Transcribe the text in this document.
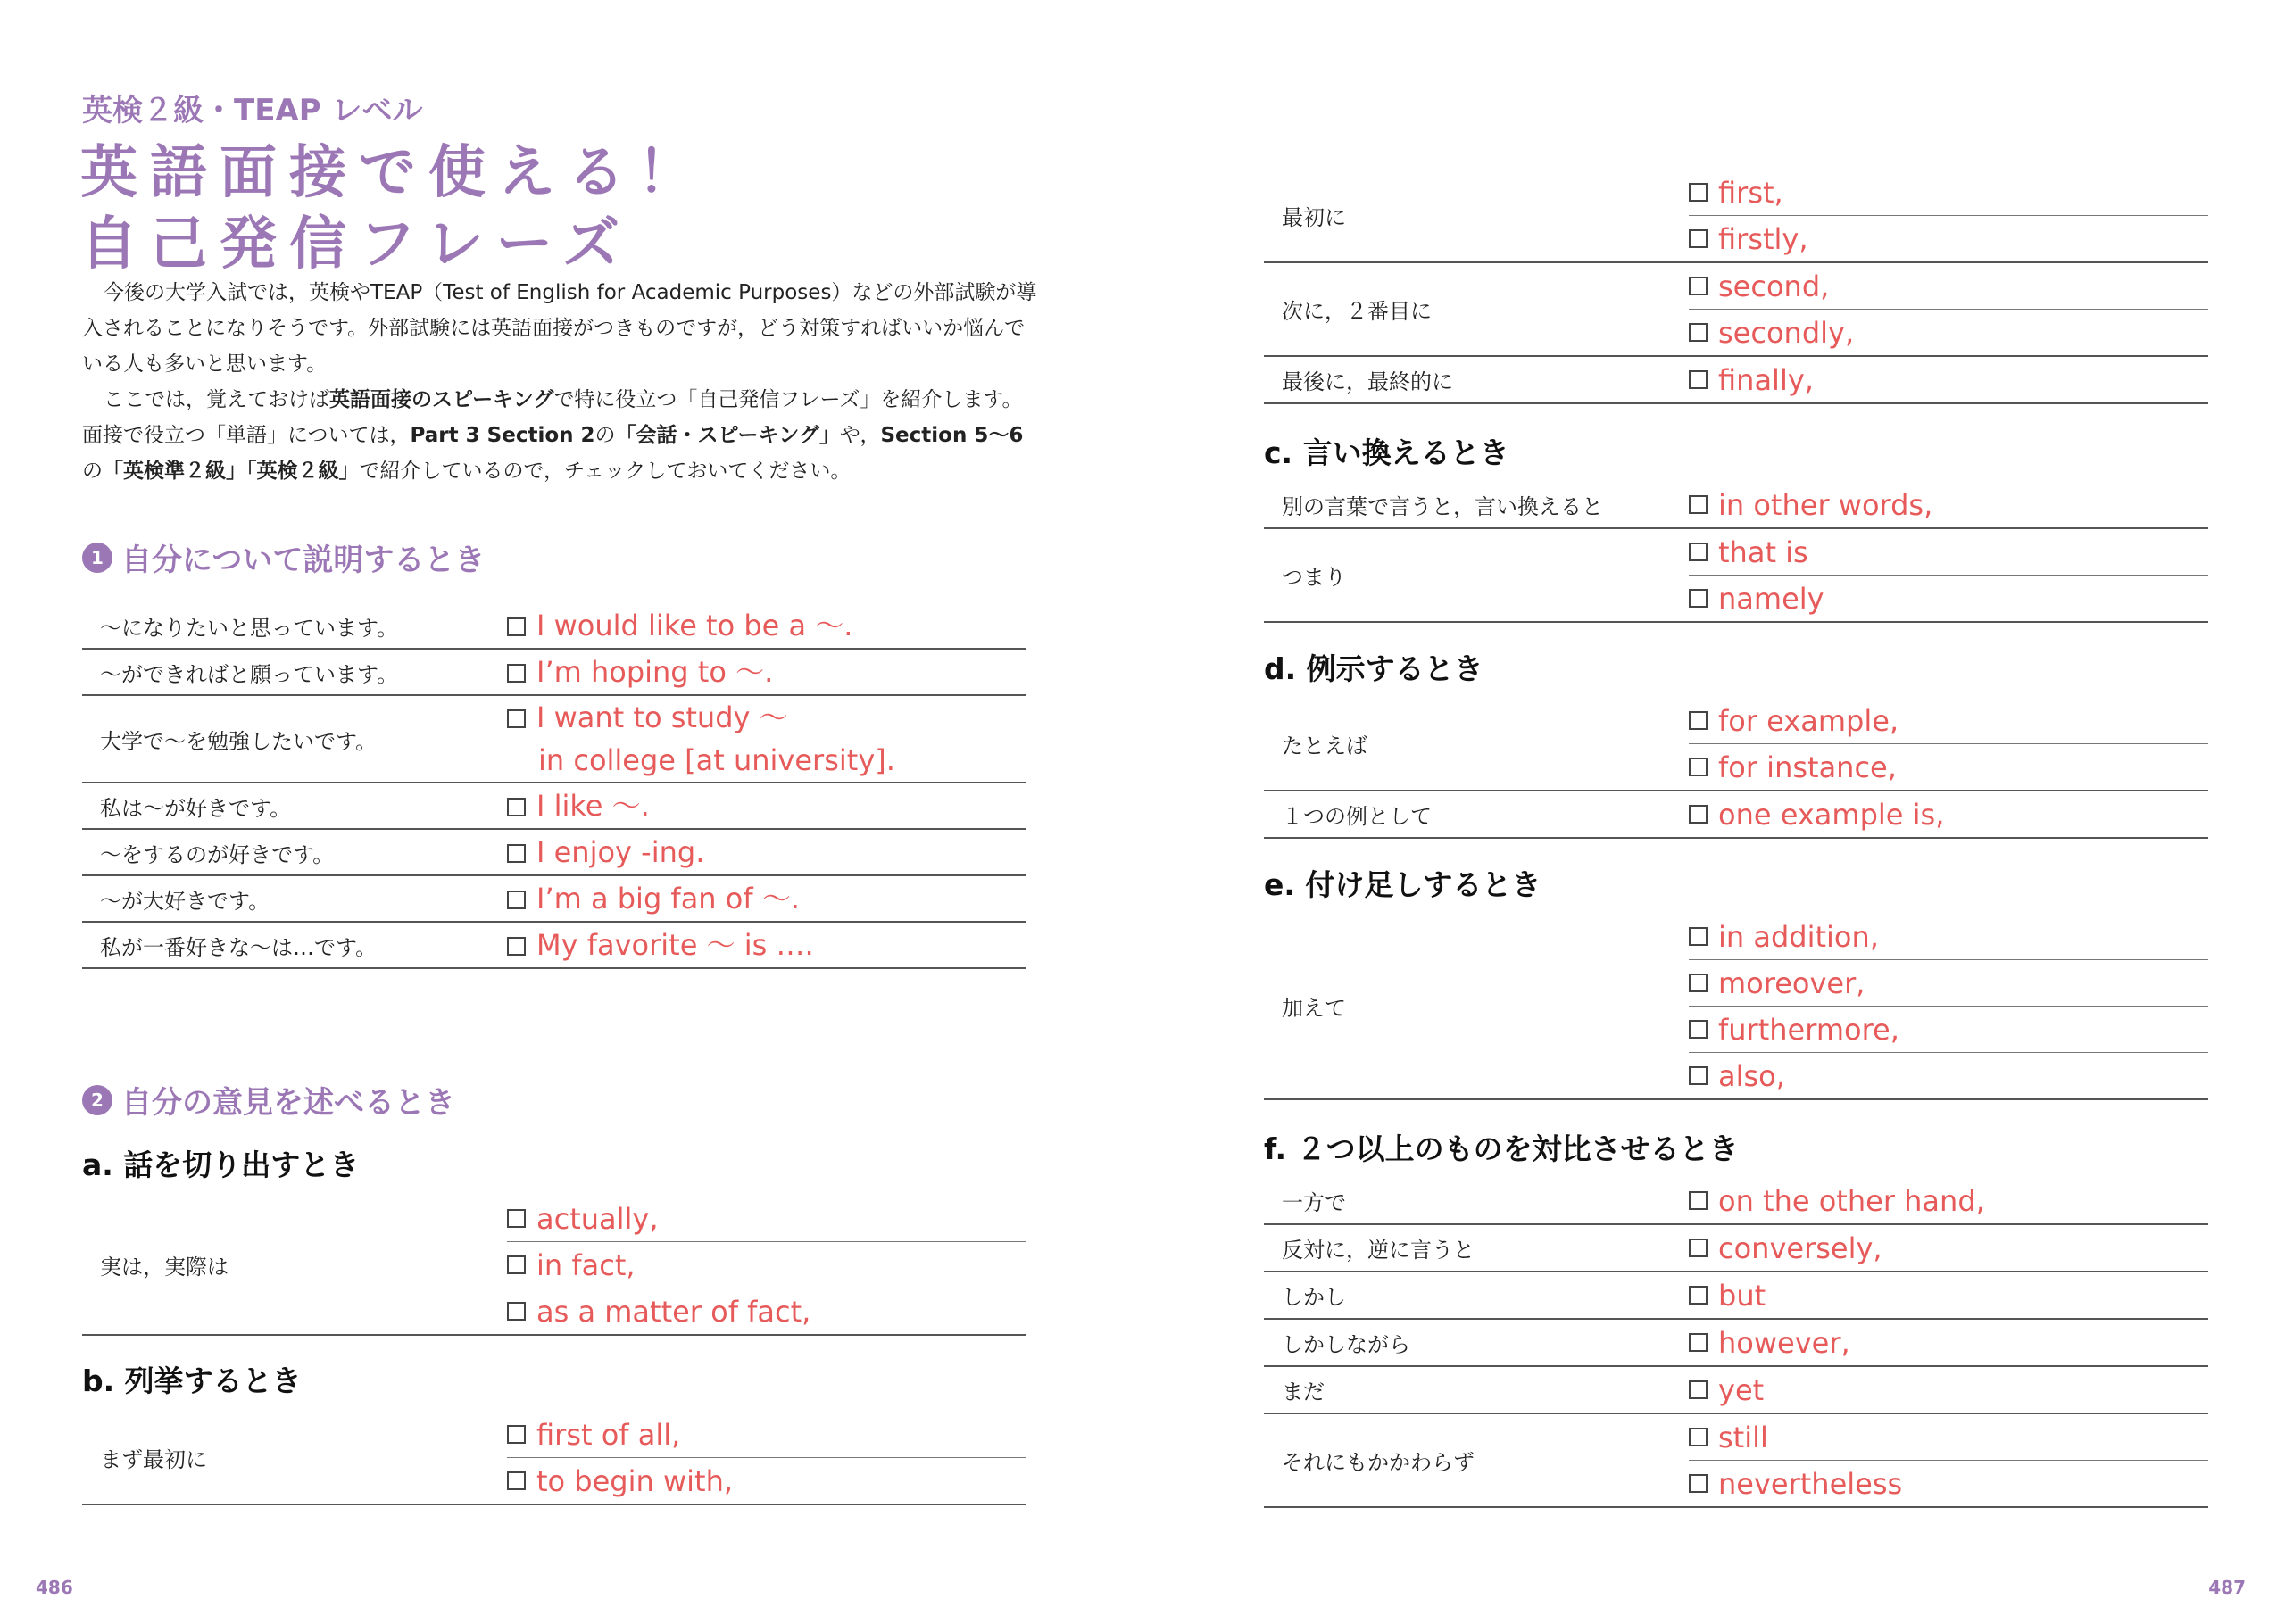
英検２級・TEAP レベル
英語面接で使える！
自己発信フレーズ

今後の大学入試では，英検やTEAP（Test of English for Academic Purposes）などの外部試験が導入されることになりそうです。外部試験には英語面接がつきものですが，どう対策すればいいか悩んでいる人も多いと思います。

ここでは，覚えておけば英語面接のスピーキングで特に役立つ「自己発信フレーズ」を紹介します。面接で役立つ「単語」については，Part 3 Section 2の「会話・スピーキング」や，Section 5〜6の「英検準２級」「英検２級」で紹介しているので，チェックしておいてください。

1 自分について説明するとき
〜になりたいと思っています。	I would like to be a 〜.
〜ができればと願っています。	I’m hoping to 〜.
大学で〜を勉強したいです。	I want to study 〜
in college [at university].

私は〜が好きです。	I like 〜.
〜をするのが好きです。	I enjoy -ing.
〜が大好きです。	I’m a big fan of 〜.
私が一番好きな〜は…です。	My favorite 〜 is ….
2 自分の意見を述べるとき
a. 話を切り出すとき
実は，実際は	
actually,

in fact,

as a matter of fact,
b. 列挙するとき
まず最初に	
first of all,

to begin with,
486
最初に	first,

	firstly,

次に，２番目に	second,

	secondly,

最後に，最終的に	finally,
c. 言い換えるとき
別の言葉で言うと，言い換えると	in other words,

つまり	that is

	namely
d. 例示するとき
たとえば	for example,

	for instance,

１つの例として	one example is,
e. 付け足しするとき
加えて	
in addition,

moreover,

furthermore,

also,
f. ２つ以上のものを対比させるとき
一方で	on the other hand,

反対に，逆に言うと	conversely,

しかし	but

しかしながら	however,

まだ	yet

それにもかかわらず	still

	nevertheless
487
